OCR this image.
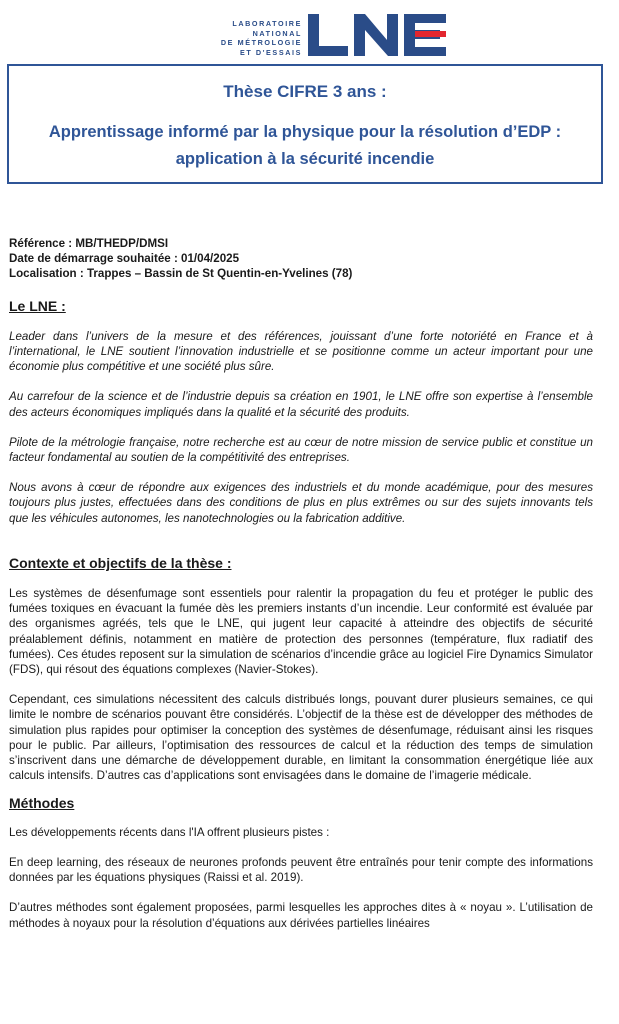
LABORATOIRE
NATIONAL
DE MÉTROLOGIE
ET D'ESSAIS
Thèse CIFRE 3 ans :
Apprentissage informé par la physique pour la résolution d’EDP :
application à la sécurité incendie
Référence : MB/THEDP/DMSI
Date de démarrage souhaitée : 01/04/2025
Localisation : Trappes – Bassin de St Quentin-en-Yvelines (78)
Le LNE :

Leader dans l’univers de la mesure et des références, jouissant d’une forte notoriété en France et à l’international, le LNE soutient l’innovation industrielle et se positionne comme un acteur important pour une économie plus compétitive et une société plus sûre.

Au carrefour de la science et de l’industrie depuis sa création en 1901, le LNE offre son expertise à l’ensemble des acteurs économiques impliqués dans la qualité et la sécurité des produits.

Pilote de la métrologie française, notre recherche est au cœur de notre mission de service public et constitue un facteur fondamental au soutien de la compétitivité des entreprises.

Nous avons à cœur de répondre aux exigences des industriels et du monde académique, pour des mesures toujours plus justes, effectuées dans des conditions de plus en plus extrêmes ou sur des sujets innovants tels que les véhicules autonomes, les nanotechnologies ou la fabrication additive.

Contexte et objectifs de la thèse :

Les systèmes de désenfumage sont essentiels pour ralentir la propagation du feu et protéger le public des fumées toxiques en évacuant la fumée dès les premiers instants d’un incendie. Leur conformité est évaluée par des organismes agréés, tels que le LNE, qui jugent leur capacité à atteindre des objectifs de sécurité préalablement définis, notamment en matière de protection des personnes (température, flux radiatif des fumées). Ces études reposent sur la simulation de scénarios d’incendie grâce au logiciel Fire Dynamics Simulator (FDS), qui résout des équations complexes (Navier-Stokes).

Cependant, ces simulations nécessitent des calculs distribués longs, pouvant durer plusieurs semaines, ce qui limite le nombre de scénarios pouvant être considérés. L’objectif de la thèse est de développer des méthodes de simulation plus rapides pour optimiser la conception des systèmes de désenfumage, réduisant ainsi les risques pour le public. Par ailleurs, l’optimisation des ressources de calcul et la réduction des temps de simulation s’inscrivent dans une démarche de développement durable, en limitant la consommation énergétique liée aux calculs intensifs. D’autres cas d’applications sont envisagées dans le domaine de l’imagerie médicale.

Méthodes

Les développements récents dans l'IA offrent plusieurs pistes :

En deep learning, des réseaux de neurones profonds peuvent être entraînés pour tenir compte des informations données par les équations physiques (Raissi et al. 2019).

D’autres méthodes sont également proposées, parmi lesquelles les approches dites à « noyau ». L’utilisation de méthodes à noyaux pour la résolution d’équations aux dérivées partielles linéaires
